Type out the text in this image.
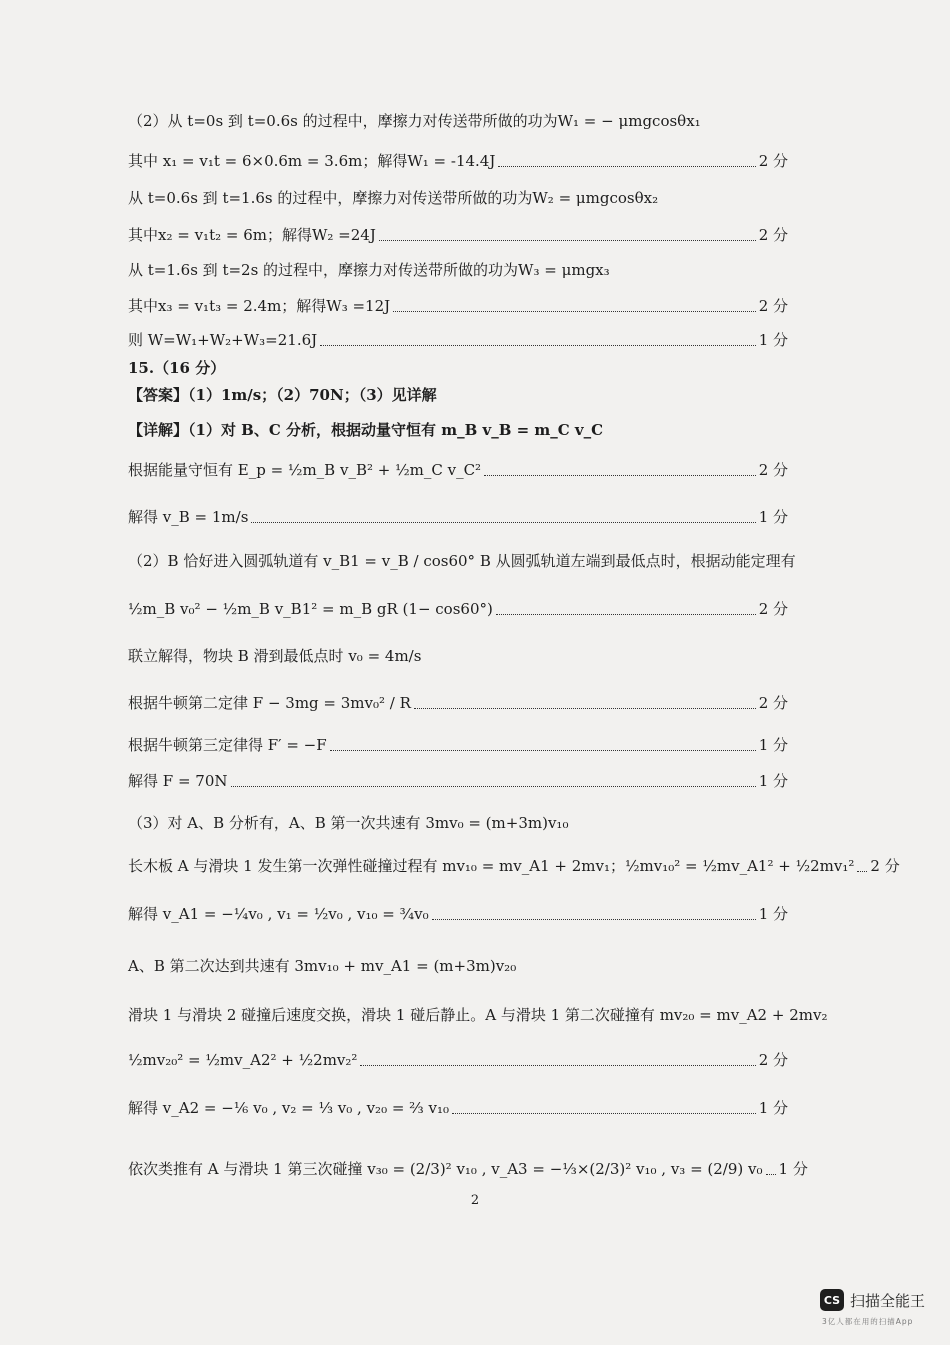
（2）从 t=0s 到 t=0.6s 的过程中，摩擦力对传送带所做的功为W₁ = − μmgcosθx₁
其中 x₁ = v₁t = 6×0.6m = 3.6m；解得W₁ = -14.4J	2 分
从 t=0.6s 到 t=1.6s 的过程中，摩擦力对传送带所做的功为W₂ = μmgcosθx₂
其中x₂ = v₁t₂ = 6m；解得W₂ =24J	2 分
从 t=1.6s 到 t=2s 的过程中，摩擦力对传送带所做的功为W₃ = μmgx₃
其中x₃ = v₁t₃ = 2.4m；解得W₃ =12J	2 分
则 W=W₁+W₂+W₃=21.6J	1 分
15.（16 分）
【答案】（1）1m/s；（2）70N；（3）见详解
【详解】（1）对 B、C 分析，根据动量守恒有 m_B v_B = m_C v_C
根据能量守恒有 E_p = ½m_B v_B² + ½m_C v_C²	2 分
解得 v_B = 1m/s	1 分
（2）B 恰好进入圆弧轨道有 v_B1 = v_B / cos60° B 从圆弧轨道左端到最低点时，根据动能定理有
½m_B v₀² − ½m_B v_B1² = m_B gR (1− cos60°)	2 分
联立解得，物块 B 滑到最低点时 v₀ = 4m/s
根据牛顿第二定律 F − 3mg = 3mv₀² / R	2 分
根据牛顿第三定律得 F′ = −F	1 分
解得 F = 70N	1 分
（3）对 A、B 分析有，A、B 第一次共速有 3mv₀ = (m+3m)v₁₀
长木板 A 与滑块 1 发生第一次弹性碰撞过程有 mv₁₀ = mv_A1 + 2mv₁；½mv₁₀² = ½mv_A1² + ½2mv₁² 2 分
解得 v_A1 = −¼v₀ , v₁ = ½v₀ , v₁₀ = ¾v₀	1 分
A、B 第二次达到共速有 3mv₁₀ + mv_A1 = (m+3m)v₂₀
滑块 1 与滑块 2 碰撞后速度交换，滑块 1 碰后静止。A 与滑块 1 第二次碰撞有 mv₂₀ = mv_A2 + 2mv₂
½mv₂₀² = ½mv_A2² + ½2mv₂²	2 分
解得 v_A2 = −⅙ v₀ , v₂ = ⅓ v₀ , v₂₀ = ⅔ v₁₀	1 分
依次类推有 A 与滑块 1 第三次碰撞 v₃₀ = (2/3)² v₁₀ , v_A3 = −⅓×(2/3)² v₁₀ , v₃ = (2/9) v₀ 1 分
2
CS 扫描全能王
3亿人都在用的扫描App
